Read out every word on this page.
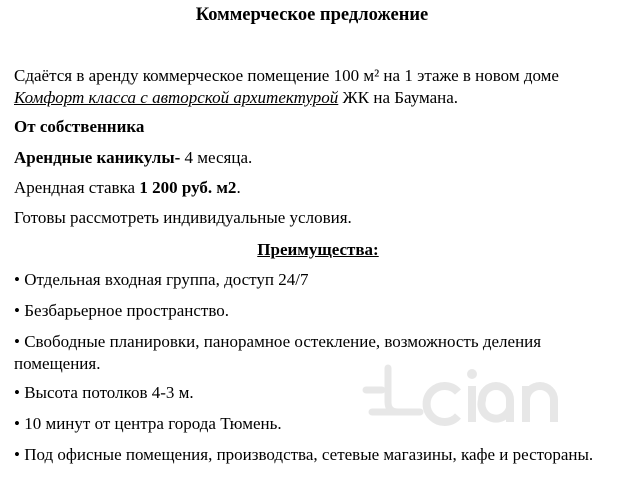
Коммерческое предложение
Сдаётся в аренду коммерческое помещение 100 м² на 1 этаже в новом доме
Комфорт класса с авторской архитектурой ЖК на Баумана.
От собственника
Арендные каникулы- 4 месяца.
Арендная ставка 1 200 руб. м2.
Готовы рассмотреть индивидуальные условия.
Преимущества:
• Отдельная входная группа, доступ 24/7
• Безбарьерное пространство.
• Свободные планировки, панорамное остекление, возможность деления помещения.
• Высота потолков 4-3 м.
• 10 минут от центра города Тюмень.
• Под офисные помещения, производства, сетевые магазины, кафе и рестораны.
